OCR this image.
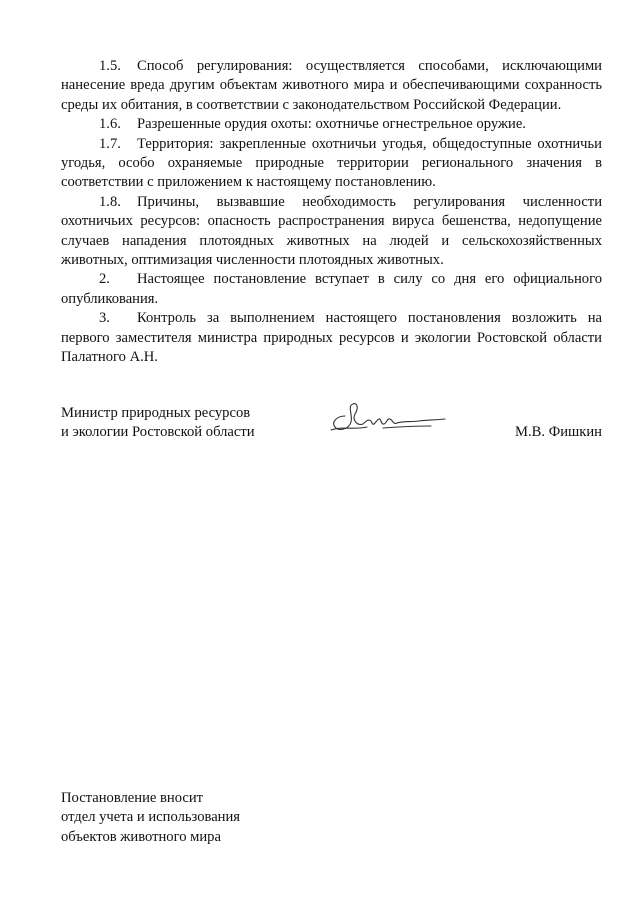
1.5. Способ регулирования: осуществляется способами, исключающими нанесение вреда другим объектам животного мира и обеспечивающими сохранность среды их обитания, в соответствии с законодательством Российской Федерации.

1.6. Разрешенные орудия охоты: охотничье огнестрельное оружие.

1.7. Территория: закрепленные охотничьи угодья, общедоступные охотничьи угодья, особо охраняемые природные территории регионального значения в соответствии с приложением к настоящему постановлению.

1.8. Причины, вызвавшие необходимость регулирования численности охотничьих ресурсов: опасность распространения вируса бешенства, недопущение случаев нападения плотоядных животных на людей и сельскохозяйственных животных, оптимизация численности плотоядных животных.

2. Настоящее постановление вступает в силу со дня его официального опубликования.

3. Контроль за выполнением настоящего постановления возложить на первого заместителя министра природных ресурсов и экологии Ростовской области Палатного А.Н.

Министр природных ресурсов
и экологии Ростовской области	М.В. Фишкин
Постановление вносит
отдел учета и использования
объектов животного мира
